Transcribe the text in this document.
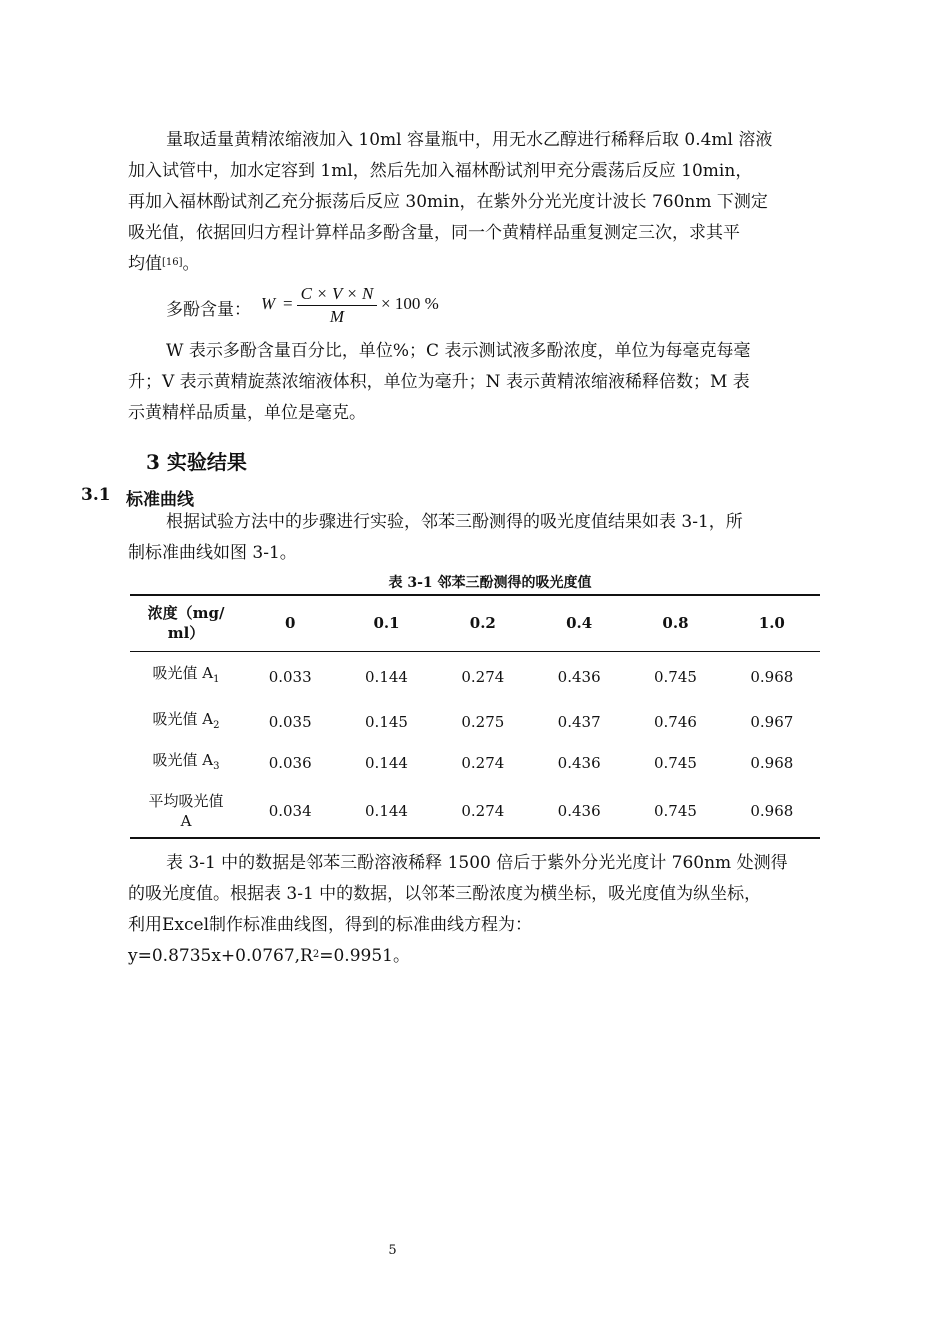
量取适量黄精浓缩液加入 10ml 容量瓶中，用无水乙醇进行稀释后取 0.4ml 溶液
加入试管中，加水定容到 1ml，然后先加入福林酚试剂甲充分震荡后反应 10min，
再加入福林酚试剂乙充分振荡后反应 30min，在紫外分光光度计波长 760nm 下测定
吸光值，依据回归方程计算样品多酚含量，同一个黄精样品重复测定三次，求其平
均值[16]。
多酚含量： W =
C × V × N
M
× 100 %
W 表示多酚含量百分比，单位%；C 表示测试液多酚浓度，单位为每毫克每毫
升；V 表示黄精旋蒸浓缩液体积，单位为毫升；N 表示黄精浓缩液稀释倍数；M 表
示黄精样品质量，单位是毫克。
3 实验结果
3.1 标准曲线
根据试验方法中的步骤进行实验，邻苯三酚测得的吸光度值结果如表 3-1，所
制标准曲线如图 3-1。
表 3-1 邻苯三酚测得的吸光度值
浓度（mg/
ml）	0	0.1	0.2	0.4	0.8	1.0
吸光值 $A_1$	0.033	0.144	0.274	0.436	0.745	0.968
吸光值 $A_2$	0.035	0.145	0.275	0.437	0.746	0.967
吸光值 $A_3$	0.036	0.144	0.274	0.436	0.745	0.968
平均吸光值
A	0.034	0.144	0.274	0.436	0.745	0.968
表 3-1 中的数据是邻苯三酚溶液稀释 1500 倍后于紫外分光光度计 760nm 处测得
的吸光度值。根据表 3-1 中的数据，以邻苯三酚浓度为横坐标，吸光度值为纵坐标，
利用Excel制作标准曲线图，得到的标准曲线方程为：
y=0.8735x+0.0767,R$^2$=0.9951。
5
